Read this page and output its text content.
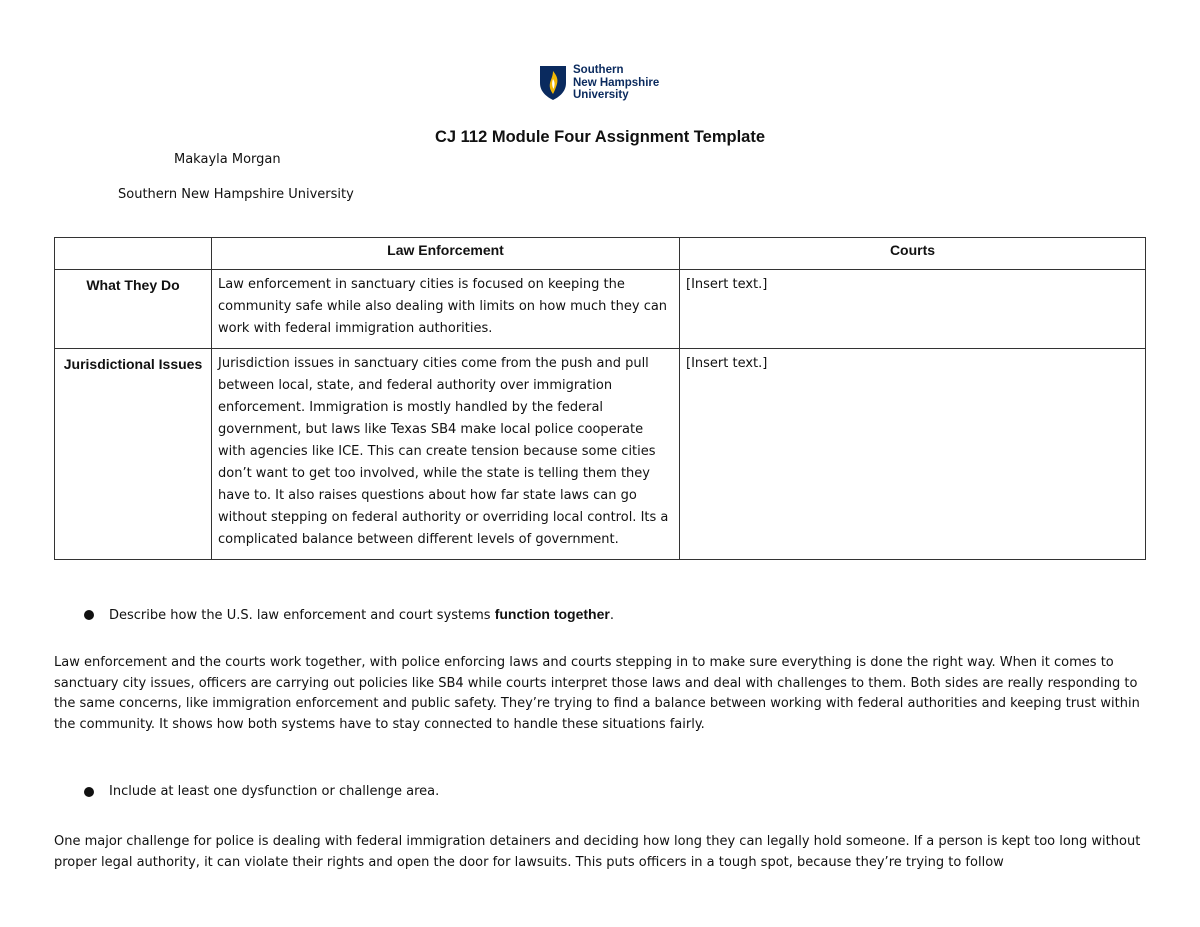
Southern
New Hampshire
University
CJ 112 Module Four Assignment Template
Makayla Morgan
Southern New Hampshire University
	Law Enforcement	Courts
What They Do	Law enforcement in sanctuary cities is focused on keeping the community safe while also dealing with limits on how much they can work with federal immigration authorities.	[Insert text.]
Jurisdictional Issues	Jurisdiction issues in sanctuary cities come from the push and pull between local, state, and federal authority over immigration enforcement. Immigration is mostly handled by the federal government, but laws like Texas SB4 make local police cooperate with agencies like ICE. This can create tension because some cities don’t want to get too involved, while the state is telling them they have to. It also raises questions about how far state laws can go without stepping on federal authority or overriding local control. Its a complicated balance between different levels of government.	[Insert text.]
Describe how the U.S. law enforcement and court systems function together.

Law enforcement and the courts work together, with police enforcing laws and courts stepping in to make sure everything is done the right way. When it comes to sanctuary city issues, officers are carrying out policies like SB4 while courts interpret those laws and deal with challenges to them. Both sides are really responding to the same concerns, like immigration enforcement and public safety. They’re trying to find a balance between working with federal authorities and keeping trust within the community. It shows how both systems have to stay connected to handle these situations fairly.

Include at least one dysfunction or challenge area.

One major challenge for police is dealing with federal immigration detainers and deciding how long they can legally hold someone. If a person is kept too long without proper legal authority, it can violate their rights and open the door for lawsuits. This puts officers in a tough spot, because they’re trying to follow
